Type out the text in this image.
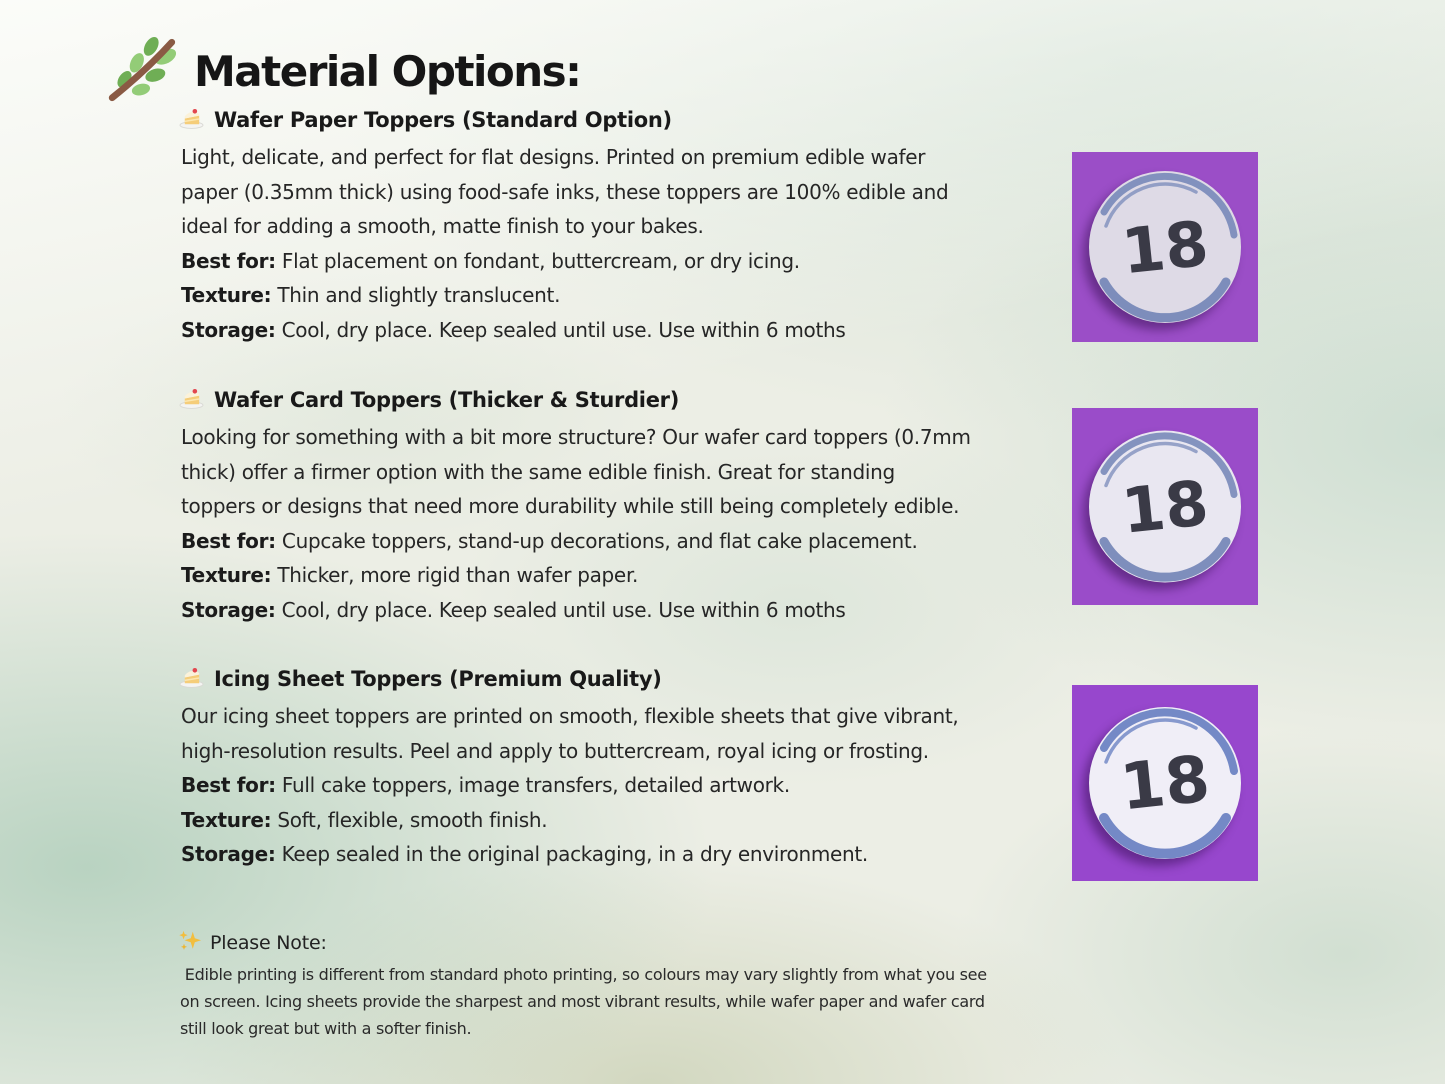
Material Options:
Wafer Paper Toppers (Standard Option)
Light, delicate, and perfect for flat designs. Printed on premium edible wafer
paper (0.35mm thick) using food-safe inks, these toppers are 100% edible and
ideal for adding a smooth, matte finish to your bakes.
Best for: Flat placement on fondant, buttercream, or dry icing.
Texture: Thin and slightly translucent.
Storage: Cool, dry place. Keep sealed until use. Use within 6 moths
Wafer Card Toppers (Thicker & Sturdier)
Looking for something with a bit more structure? Our wafer card toppers (0.7mm
thick) offer a firmer option with the same edible finish. Great for standing
toppers or designs that need more durability while still being completely edible.
Best for: Cupcake toppers, stand-up decorations, and flat cake placement.
Texture: Thicker, more rigid than wafer paper.
Storage: Cool, dry place. Keep sealed until use. Use within 6 moths
Icing Sheet Toppers (Premium Quality)
Our icing sheet toppers are printed on smooth, flexible sheets that give vibrant,
high-resolution results. Peel and apply to buttercream, royal icing or frosting.
Best for: Full cake toppers, image transfers, detailed artwork.
Texture: Soft, flexible, smooth finish.
Storage: Keep sealed in the original packaging, in a dry environment.
Please Note:
Edible printing is different from standard photo printing, so colours may vary slightly from what you see
on screen. Icing sheets provide the sharpest and most vibrant results, while wafer paper and wafer card
still look great but with a softer finish.
18
18
18
